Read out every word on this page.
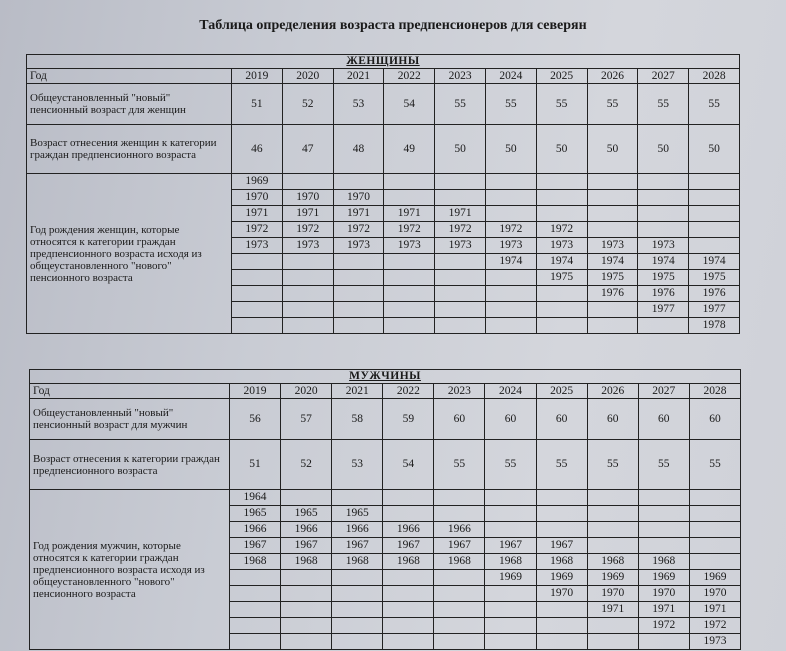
Таблица определения возраста предпенсионеров для северян
ЖЕНЩИНЫ										
Год	2019	2020	2021	2022	2023	2024	2025	2026	2027	2028
Общеустановленный "новый" пенсионный возраст для женщин	51	52	53	54	55	55	55	55	55	55
Возраст отнесения женщин к категории граждан предпенсионного возраста	46	47	48	49	50	50	50	50	50	50
Год рождения женщин, которые относятся к категории граждан предпенсионного возраста исходя из общеустановленного "нового" пенсионного возраста	1969									
	1970	1970	1970							
	1971	1971	1971	1971	1971					
	1972	1972	1972	1972	1972	1972	1972			
	1973	1973	1973	1973	1973	1973	1973	1973	1973	
						1974	1974	1974	1974	1974
							1975	1975	1975	1975
								1976	1976	1976
									1977	1977
										1978
МУЖЧИНЫ										
Год	2019	2020	2021	2022	2023	2024	2025	2026	2027	2028
Общеустановленный "новый" пенсионный возраст для мужчин	56	57	58	59	60	60	60	60	60	60
Возраст отнесения к категории граждан предпенсионного возраста	51	52	53	54	55	55	55	55	55	55
Год рождения мужчин, которые относятся к категории граждан предпенсионного возраста исходя из общеустановленного "нового" пенсионного возраста	1964									
	1965	1965	1965							
	1966	1966	1966	1966	1966					
	1967	1967	1967	1967	1967	1967	1967			
	1968	1968	1968	1968	1968	1968	1968	1968	1968	
						1969	1969	1969	1969	1969
							1970	1970	1970	1970
								1971	1971	1971
									1972	1972
										1973
